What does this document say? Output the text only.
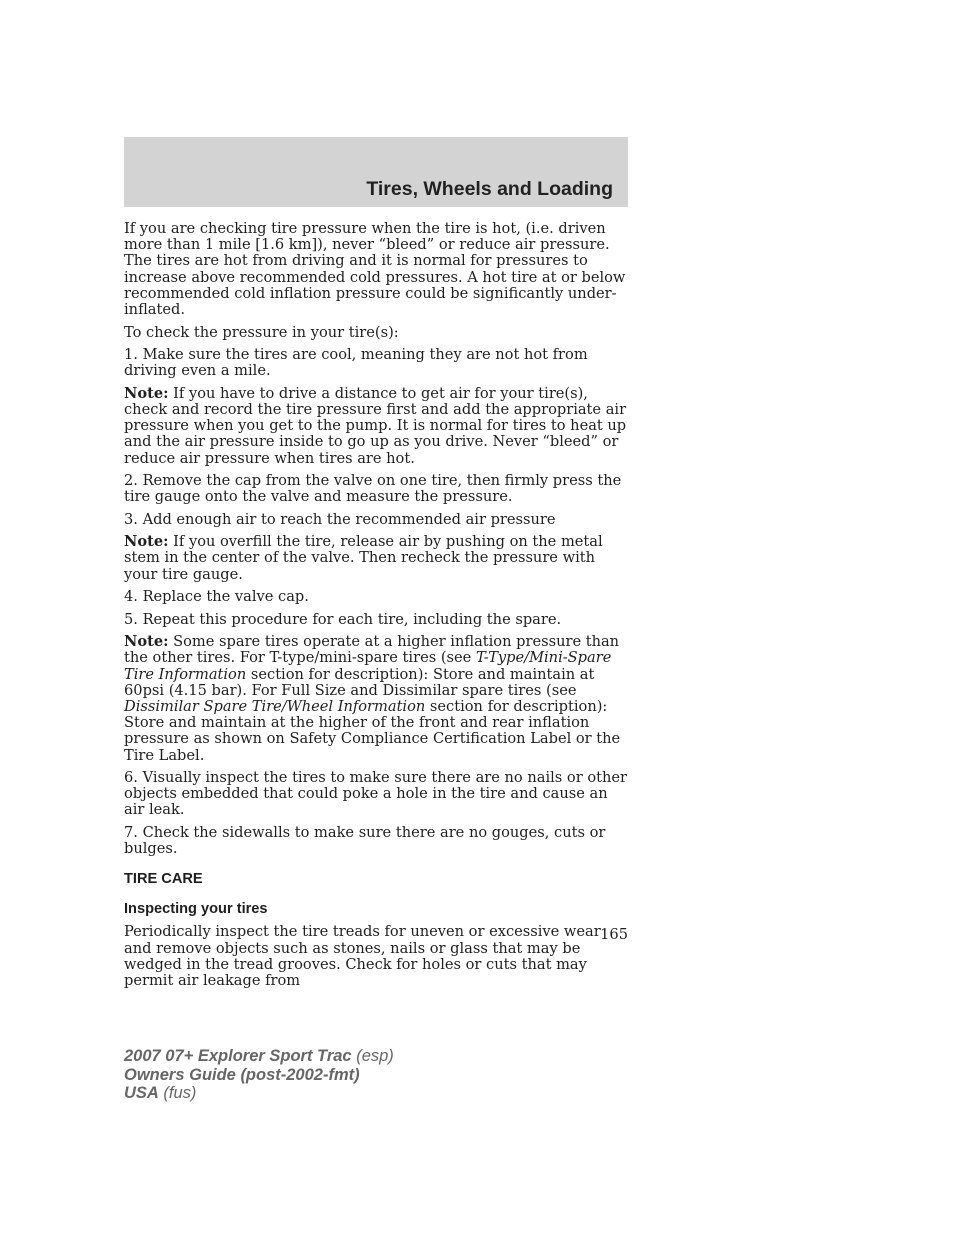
Tires, Wheels and Loading

If you are checking tire pressure when the tire is hot, (i.e. driven more than 1 mile [1.6 km]), never “bleed” or reduce air pressure. The tires are hot from driving and it is normal for pressures to increase above recommended cold pressures. A hot tire at or below recommended cold inflation pressure could be significantly under-inflated.

To check the pressure in your tire(s):

1. Make sure the tires are cool, meaning they are not hot from driving even a mile.

Note: If you have to drive a distance to get air for your tire(s), check and record the tire pressure first and add the appropriate air pressure when you get to the pump. It is normal for tires to heat up and the air pressure inside to go up as you drive. Never “bleed” or reduce air pressure when tires are hot.

2. Remove the cap from the valve on one tire, then firmly press the tire gauge onto the valve and measure the pressure.

3. Add enough air to reach the recommended air pressure

Note: If you overfill the tire, release air by pushing on the metal stem in the center of the valve. Then recheck the pressure with your tire gauge.

4. Replace the valve cap.

5. Repeat this procedure for each tire, including the spare.

Note: Some spare tires operate at a higher inflation pressure than the other tires. For T-type/mini-spare tires (see T-Type/Mini-Spare Tire Information section for description): Store and maintain at 60psi (4.15 bar). For Full Size and Dissimilar spare tires (see Dissimilar Spare Tire/Wheel Information section for description): Store and maintain at the higher of the front and rear inflation pressure as shown on Safety Compliance Certification Label or the Tire Label.

6. Visually inspect the tires to make sure there are no nails or other objects embedded that could poke a hole in the tire and cause an air leak.

7. Check the sidewalls to make sure there are no gouges, cuts or bulges.

TIRE CARE
Inspecting your tires

Periodically inspect the tire treads for uneven or excessive wear and remove objects such as stones, nails or glass that may be wedged in the tread grooves. Check for holes or cuts that may permit air leakage from

165
2007 07+ Explorer Sport Trac (esp)
Owners Guide (post-2002-fmt)
USA (fus)
